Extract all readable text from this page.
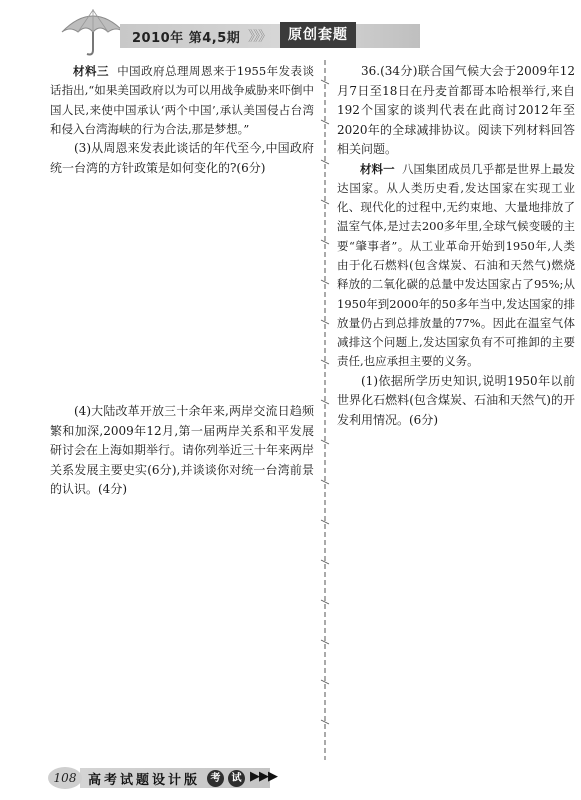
2010年 第4,5期 》》》	原创套题

材料三 中国政府总理周恩来于1955年发表谈话指出,“如果美国政府以为可以用战争威胁来吓倒中国人民,来使中国承认‘两个中国’,承认美国侵占台湾和侵入台湾海峡的行为合法,那是梦想。”

(3)从周恩来发表此谈话的年代至今,中国政府统一台湾的方针政策是如何变化的?(6分)

(4)大陆改革开放三十余年来,两岸交流日趋频繁和加深,2009年12月,第一届两岸关系和平发展研讨会在上海如期举行。请你列举近三十年来两岸关系发展主要史实(6分),并谈谈你对统一台湾前景的认识。(4分)

36.(34分)联合国气候大会于2009年12月7日至18日在丹麦首都哥本哈根举行,来自192个国家的谈判代表在此商讨2012年至2020年的全球减排协议。阅读下列材料回答相关问题。

材料一 八国集团成员几乎都是世界上最发达国家。从人类历史看,发达国家在实现工业化、现代化的过程中,无约束地、大量地排放了温室气体,是过去200多年里,全球气候变暖的主要“肇事者”。从工业革命开始到1950年,人类由于化石燃料(包含煤炭、石油和天然气)燃烧释放的二氧化碳的总量中发达国家占了95%;从1950年到2000年的50多年当中,发达国家的排放量仍占到总排放量的77%。因此在温室气体减排这个问题上,发达国家负有不可推卸的主要责任,也应承担主要的义务。

(1)依据所学历史知识,说明1950年以前世界化石燃料(包含煤炭、石油和天然气)的开发利用情况。(6分)

108 高考试题设计版	考	试 ▶▶▶
